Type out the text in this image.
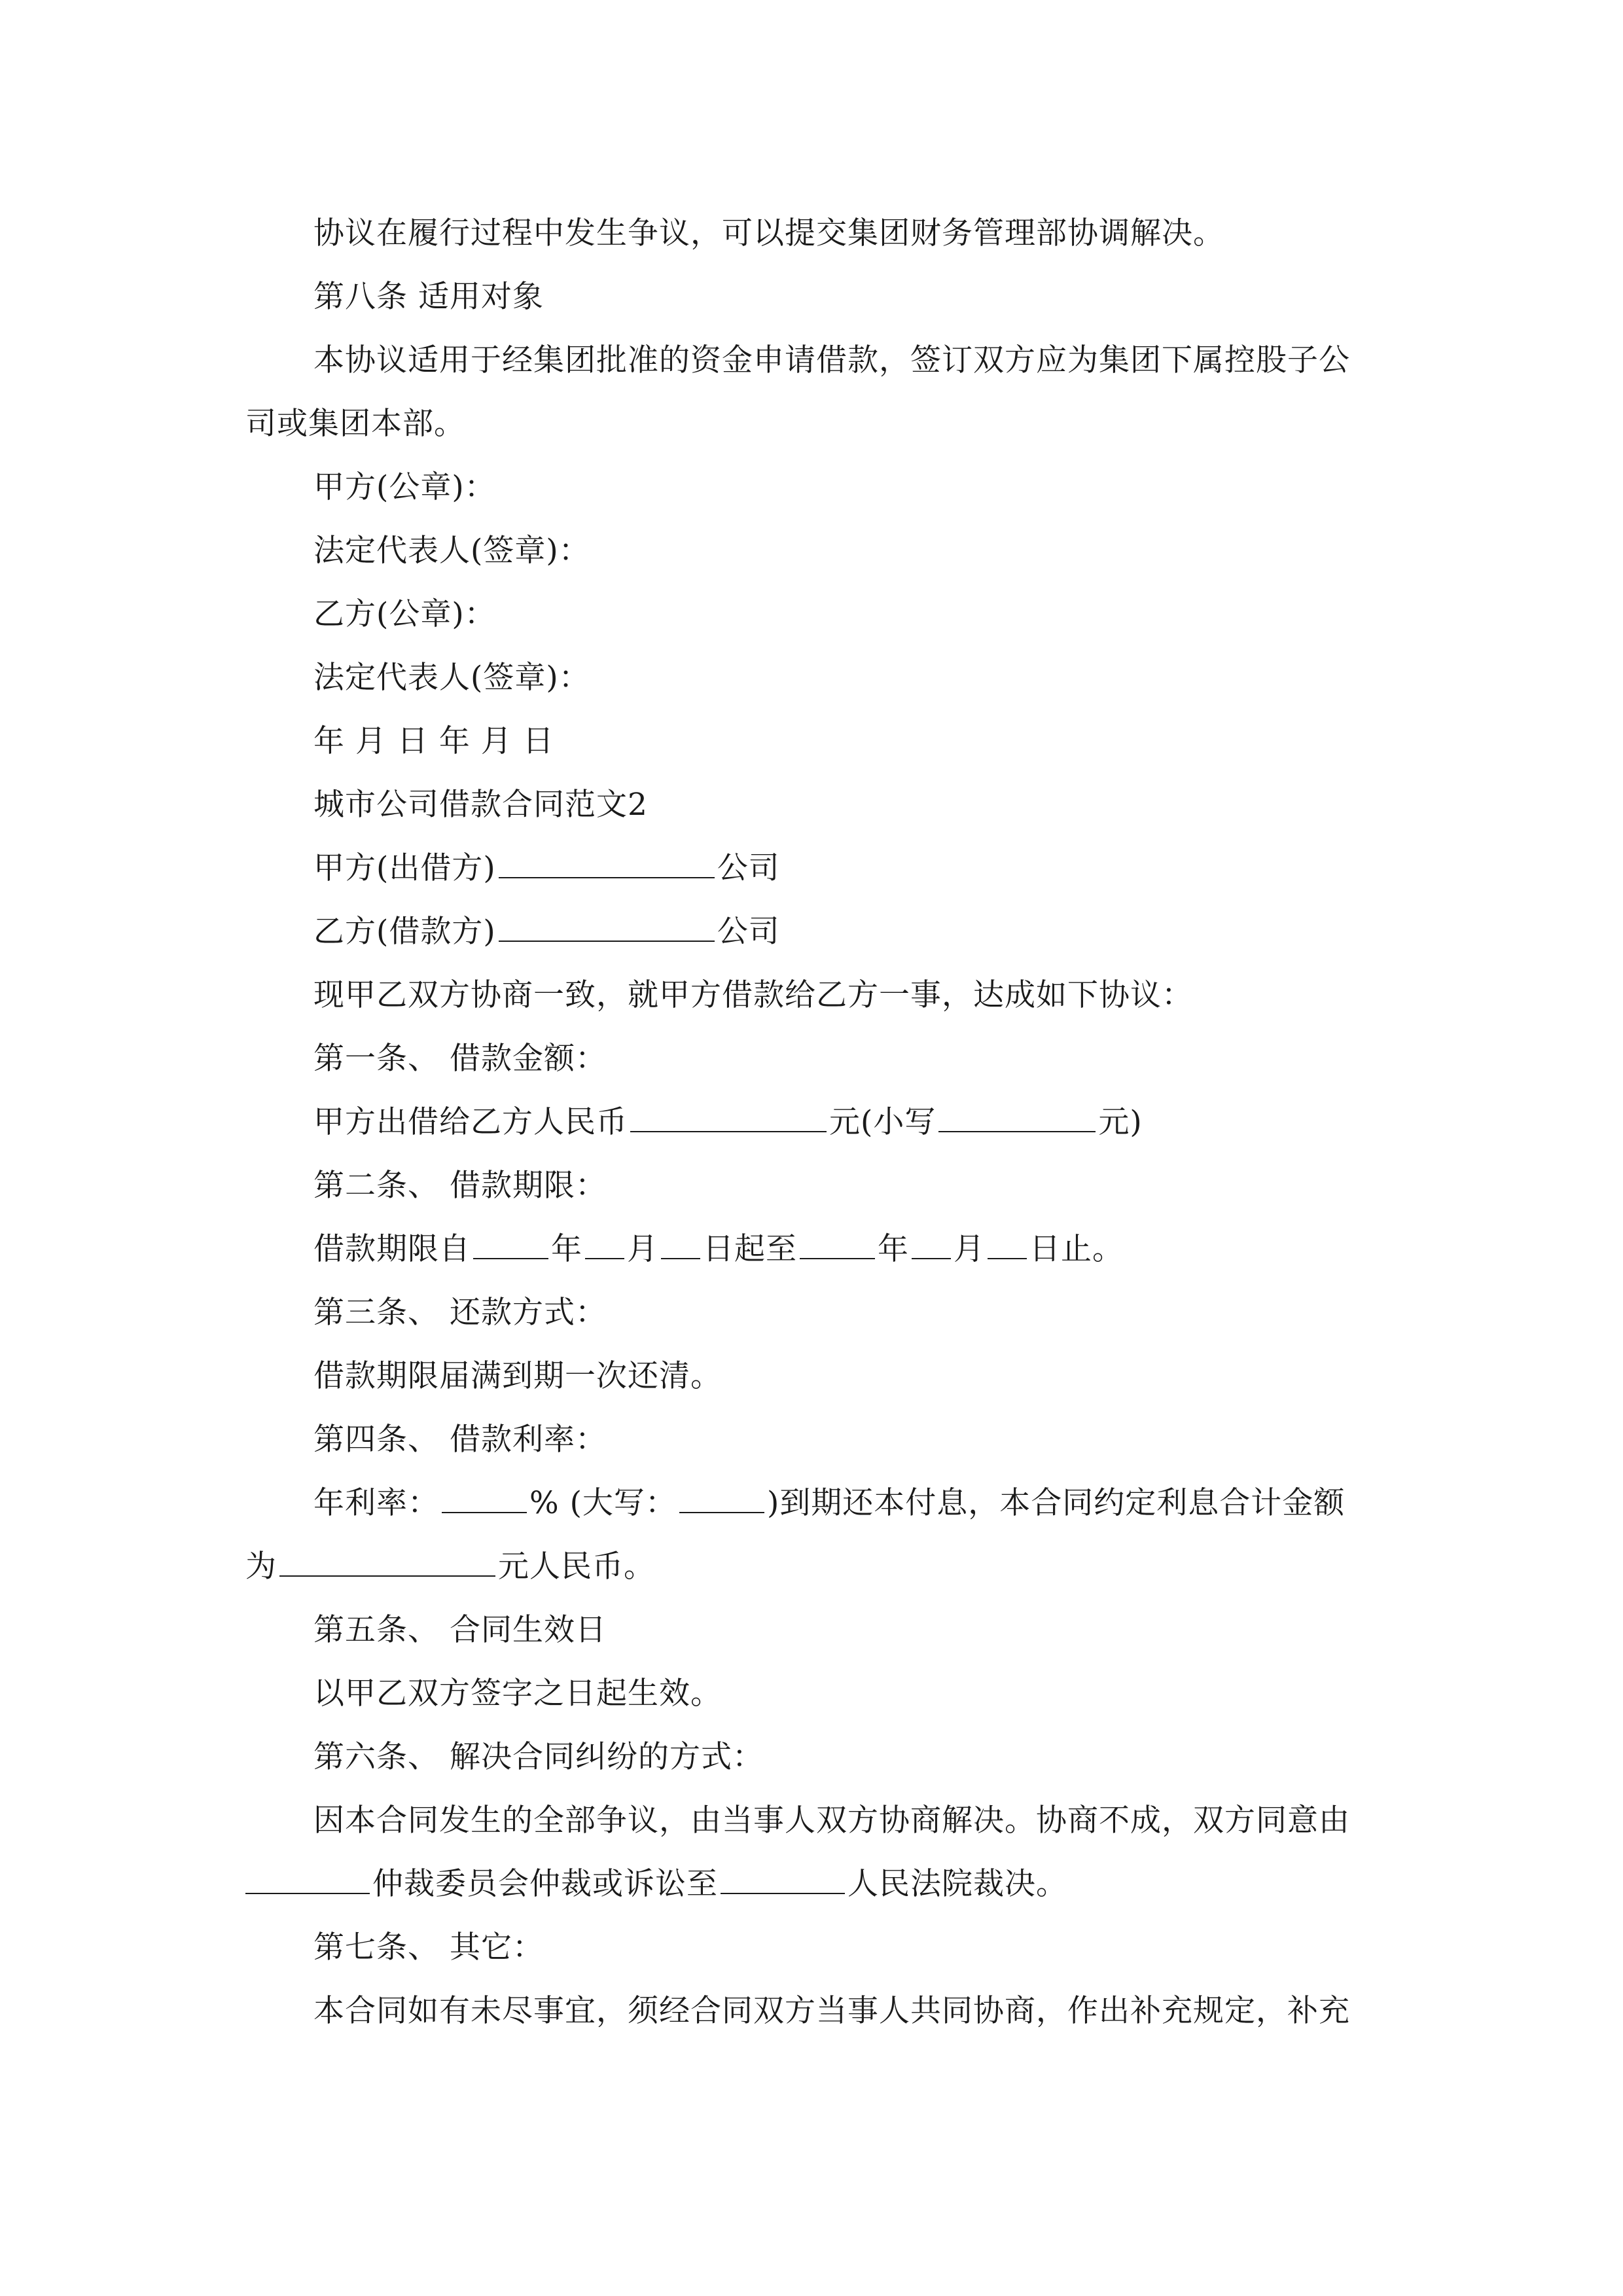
协议在履行过程中发生争议，可以提交集团财务管理部协调解决。
第八条 适用对象
本协议适用于经集团批准的资金申请借款，签订双方应为集团下属控股子公
司或集团本部。
甲方(公章)：
法定代表人(签章)：
乙方(公章)：
法定代表人(签章)：
年 月 日 年 月 日
城市公司借款合同范文2
甲方(出借方)	公司
乙方(借款方)	公司
现甲乙双方协商一致，就甲方借款给乙方一事，达成如下协议：
第一条、 借款金额：
甲方出借给乙方人民币	元(小写	元)
第二条、 借款期限：
借款期限自	年 月 日起至	年 月 日止。
第三条、 还款方式：
借款期限届满到期一次还清。
第四条、 借款利率：
年利率：	% (大写：	)到期还本付息，本合同约定利息合计金额
为	元人民币。
第五条、 合同生效日
以甲乙双方签字之日起生效。
第六条、 解决合同纠纷的方式：
因本合同发生的全部争议，由当事人双方协商解决。协商不成，双方同意由
仲裁委员会仲裁或诉讼至	人民法院裁决。
第七条、 其它：
本合同如有未尽事宜，须经合同双方当事人共同协商，作出补充规定，补充
